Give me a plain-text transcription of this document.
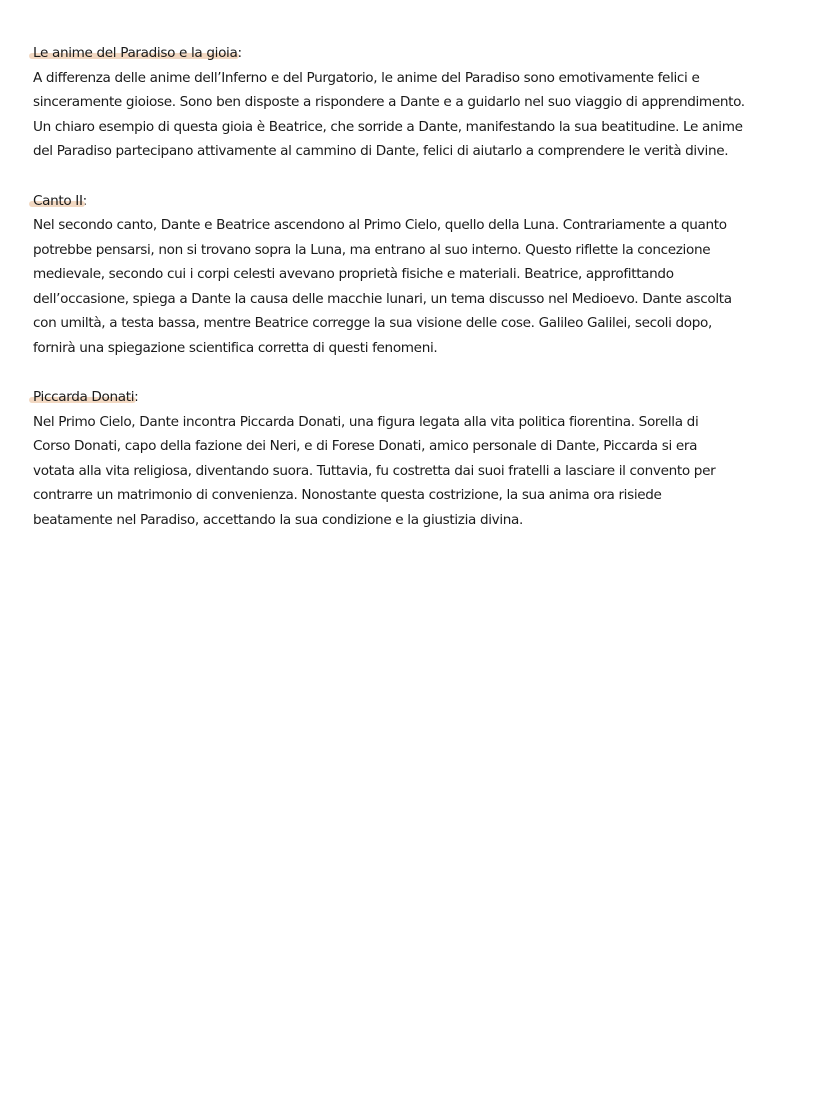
Le anime del Paradiso e la gioia:
A differenza delle anime dell’Inferno e del Purgatorio, le anime del Paradiso sono emotivamente felici e
sinceramente gioiose. Sono ben disposte a rispondere a Dante e a guidarlo nel suo viaggio di apprendimento.
Un chiaro esempio di questa gioia è Beatrice, che sorride a Dante, manifestando la sua beatitudine. Le anime
del Paradiso partecipano attivamente al cammino di Dante, felici di aiutarlo a comprendere le verità divine.
Canto II:
Nel secondo canto, Dante e Beatrice ascendono al Primo Cielo, quello della Luna. Contrariamente a quanto
potrebbe pensarsi, non si trovano sopra la Luna, ma entrano al suo interno. Questo riflette la concezione
medievale, secondo cui i corpi celesti avevano proprietà fisiche e materiali. Beatrice, approfittando
dell’occasione, spiega a Dante la causa delle macchie lunari, un tema discusso nel Medioevo. Dante ascolta
con umiltà, a testa bassa, mentre Beatrice corregge la sua visione delle cose. Galileo Galilei, secoli dopo,
fornirà una spiegazione scientifica corretta di questi fenomeni.
Piccarda Donati:
Nel Primo Cielo, Dante incontra Piccarda Donati, una figura legata alla vita politica fiorentina. Sorella di
Corso Donati, capo della fazione dei Neri, e di Forese Donati, amico personale di Dante, Piccarda si era
votata alla vita religiosa, diventando suora. Tuttavia, fu costretta dai suoi fratelli a lasciare il convento per
contrarre un matrimonio di convenienza. Nonostante questa costrizione, la sua anima ora risiede
beatamente nel Paradiso, accettando la sua condizione e la giustizia divina.
